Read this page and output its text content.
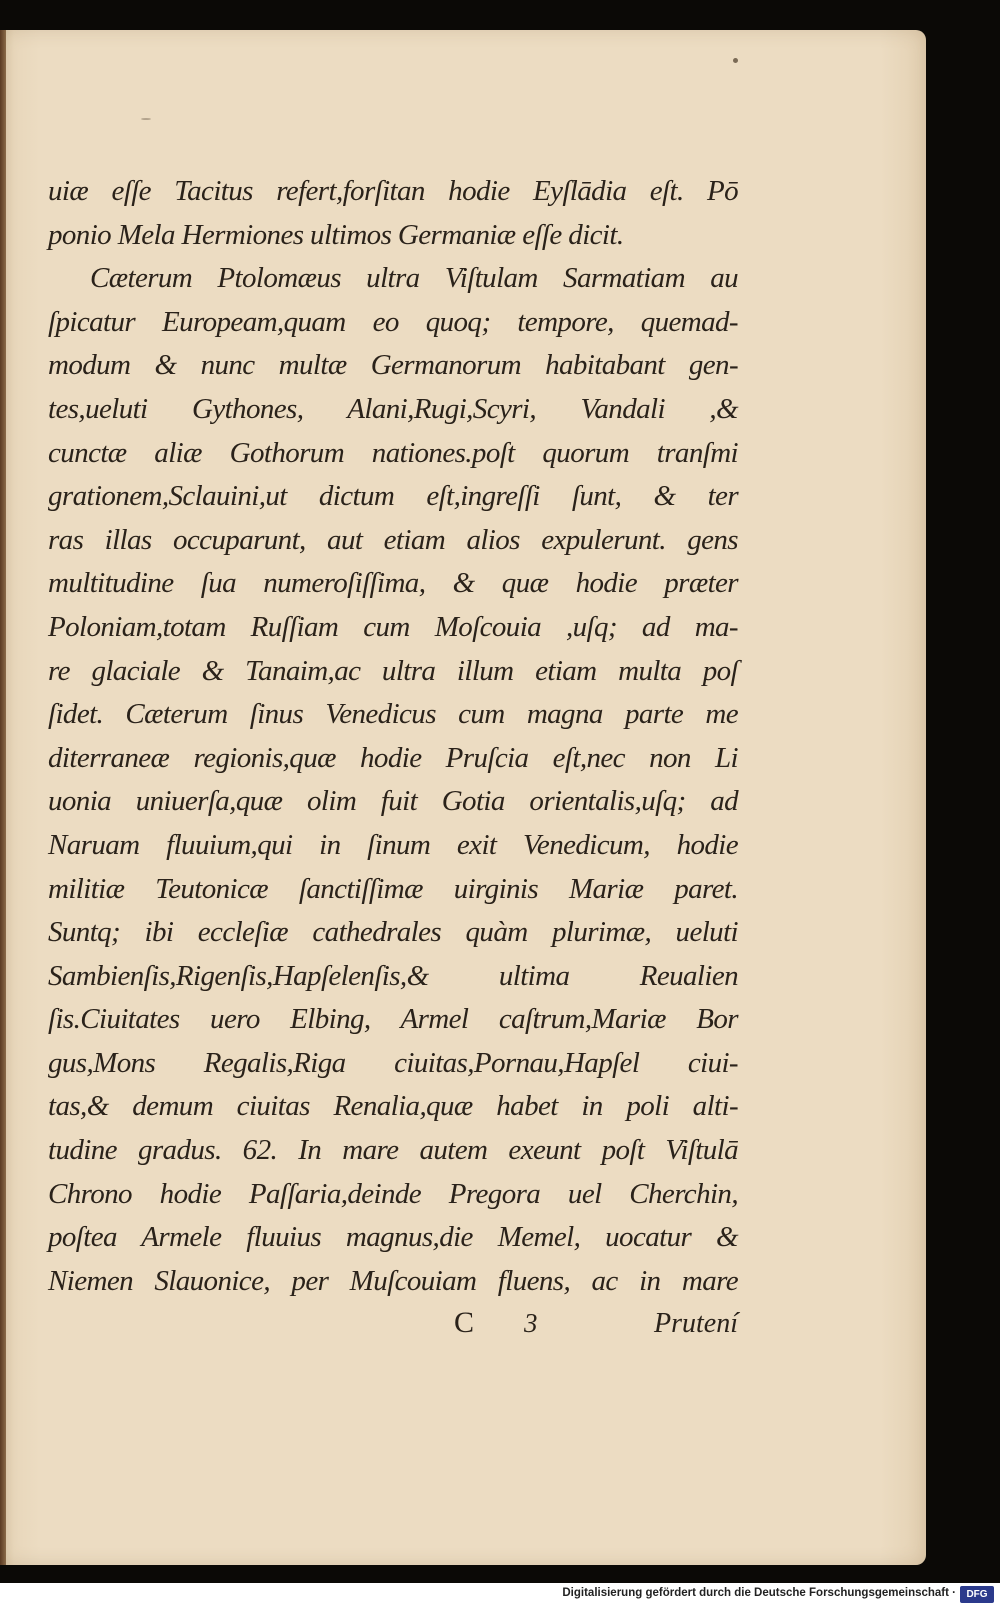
uiæ eſſe Tacitus refert,forſitan hodie Eyſlādia eſt. Pō
ponio Mela Hermiones ultimos Germaniæ eſſe dicit.
Cæterum Ptolomæus ultra Viſtulam Sarmatiam au
ſpicatur Europeam,quam eo quoq; tempore, quemad-
modum & nunc multæ Germanorum habitabant gen-
tes,ueluti Gythones, Alani,Rugi,Scyri, Vandali ,&
cunctæ aliæ Gothorum nationes.poſt quorum tranſmi
grationem,Sclauini,ut dictum eſt,ingreſſi ſunt, & ter
ras illas occuparunt, aut etiam alios expulerunt. gens
multitudine ſua numeroſiſſima, & quæ hodie præter
Poloniam,totam Ruſſiam cum Moſcouia ,uſq; ad ma-
re glaciale & Tanaim,ac ultra illum etiam multa poſ
ſidet. Cæterum ſinus Venedicus cum magna parte me
diterraneæ regionis,quæ hodie Pruſcia eſt,nec non Li
uonia uniuerſa,quæ olim fuit Gotia orientalis,uſq; ad
Naruam fluuium,qui in ſinum exit Venedicum, hodie
militiæ Teutonicæ ſanctiſſimæ uirginis Mariæ paret.
Suntq; ibi eccleſiæ cathedrales quàm plurimæ, ueluti
Sambienſis,Rigenſis,Hapſelenſis,& ultima Reualien
ſis.Ciuitates uero Elbing, Armel caſtrum,Mariæ Bor
gus,Mons Regalis,Riga ciuitas,Pornau,Hapſel ciui-
tas,& demum ciuitas Renalia,quæ habet in poli alti-
tudine gradus. 62. In mare autem exeunt poſt Viſtulā
Chrono hodie Paſſaria,deinde Pregora uel Cherchin,
poſtea Armele fluuius magnus,die Memel, uocatur &
Niemen Slauonice, per Muſcouiam fluens, ac in mare
C 3	Prutení
Digitalisierung gefördert durch die Deutsche Forschungsgemeinschaft ·	DFG
